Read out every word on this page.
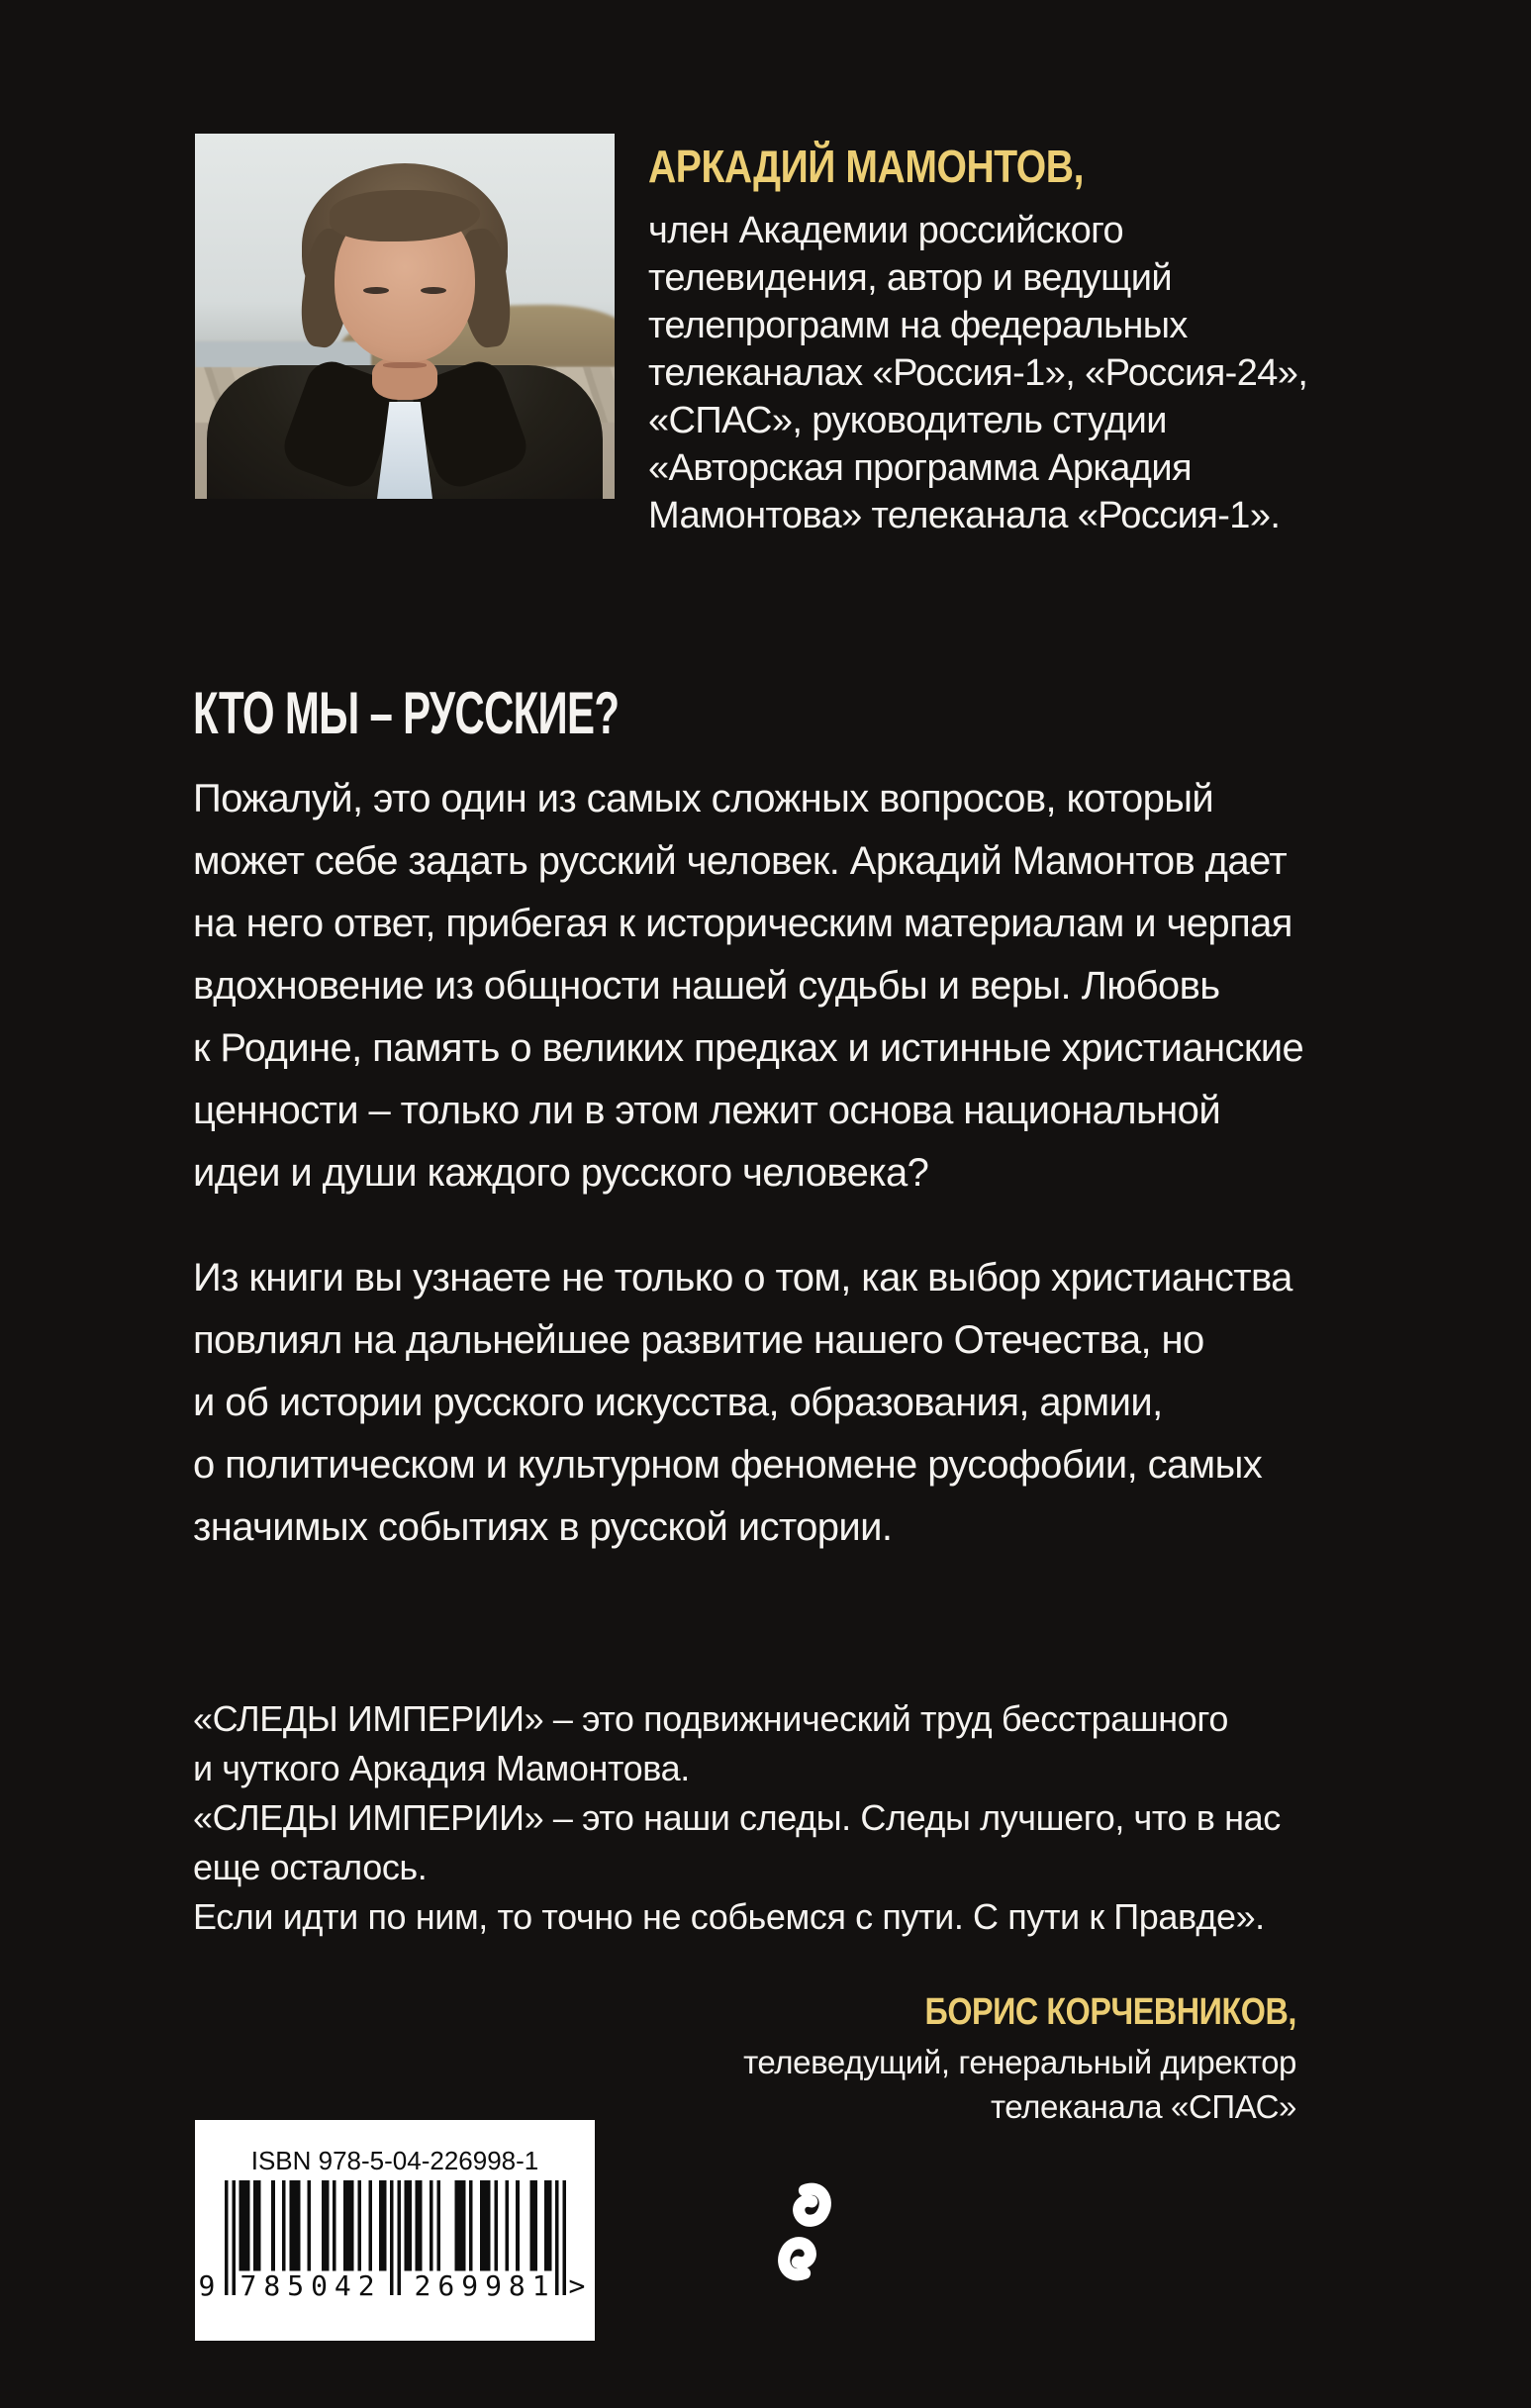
АРКАДИЙ МАМОНТОВ,
член Академии российского
телевидения, автор и ведущий
телепрограмм на федеральных
телеканалах «Россия-1», «Россия-24»,
«СПАС», руководитель студии
«Авторская программа Аркадия
Мамонтова» телеканала «Россия-1».
КТО МЫ – РУССКИЕ?
Пожалуй, это один из самых сложных вопросов, который
может себе задать русский человек. Аркадий Мамонтов дает
на него ответ, прибегая к историческим материалам и черпая
вдохновение из общности нашей судьбы и веры. Любовь
к Родине, память о великих предках и истинные христианские
ценности – только ли в этом лежит основа национальной
идеи и души каждого русского человека?
Из книги вы узнаете не только о том, как выбор христианства
повлиял на дальнейшее развитие нашего Отечества, но
и об истории русского искусства, образования, армии,
о политическом и культурном феномене русофобии, самых
значимых событиях в русской истории.
«СЛЕДЫ ИМПЕРИИ» – это подвижнический труд бесстрашного
и чуткого Аркадия Мамонтова.
«СЛЕДЫ ИМПЕРИИ» – это наши следы. Следы лучшего, что в нас
еще осталось.
Если идти по ним, то точно не собьемся с пути. С пути к Правде».
БОРИС КОРЧЕВНИКОВ,
телеведущий, генеральный директор
телеканала «СПАС»
ISBN 978-5-04-226998-1
9 785042 269981 >
